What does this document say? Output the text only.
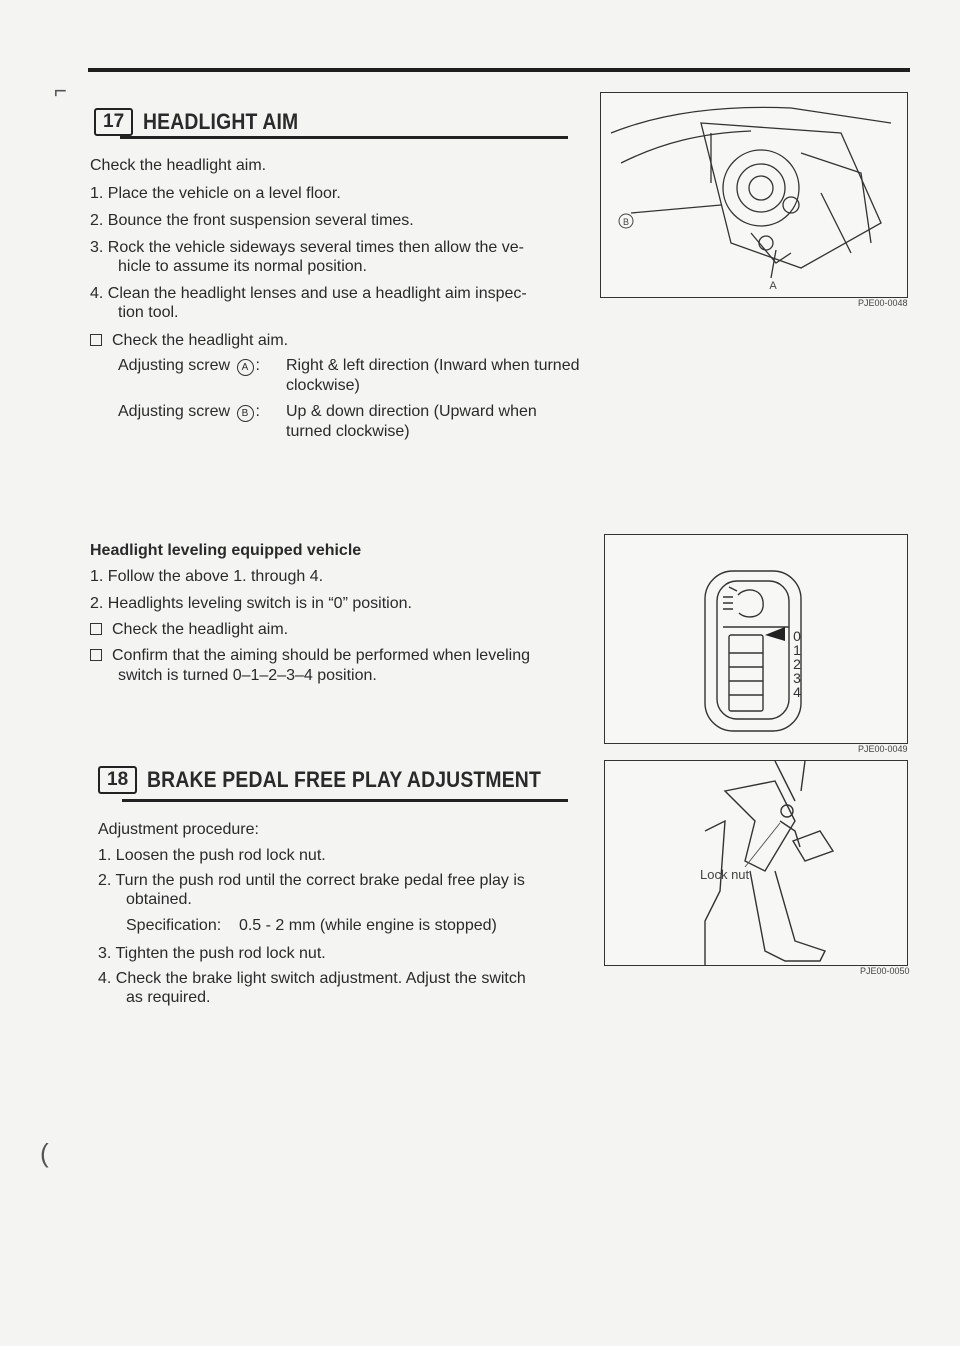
⌐
(
17 HEADLIGHT AIM
Check the headlight aim.
1. Place the vehicle on a level floor.
2. Bounce the front suspension several times.
3. Rock the vehicle sideways several times then allow the ve-
hicle to assume its normal position.
4. Clean the headlight lenses and use a headlight aim inspec-
tion tool.
Check the headlight aim.
Adjusting screw A : Right & left direction (Inward when turned clockwise)
Adjusting screw B : Up & down direction (Upward when turned clockwise)
B
A
PJE00-0048
Headlight leveling equipped vehicle
1. Follow the above 1. through 4.
2. Headlights leveling switch is in “0” position.
Check the headlight aim.
Confirm that the aiming should be performed when leveling
switch is turned 0–1–2–3–4 position.
0
1
2
3
4
PJE00-0049
18 BRAKE PEDAL FREE PLAY ADJUSTMENT
Adjustment procedure:
1. Loosen the push rod lock nut.
2. Turn the push rod until the correct brake pedal free play is
obtained.
Specification: 0.5 - 2 mm (while engine is stopped)
3. Tighten the push rod lock nut.
4. Check the brake light switch adjustment. Adjust the switch
as required.
Lock nut
PJE00-0050
